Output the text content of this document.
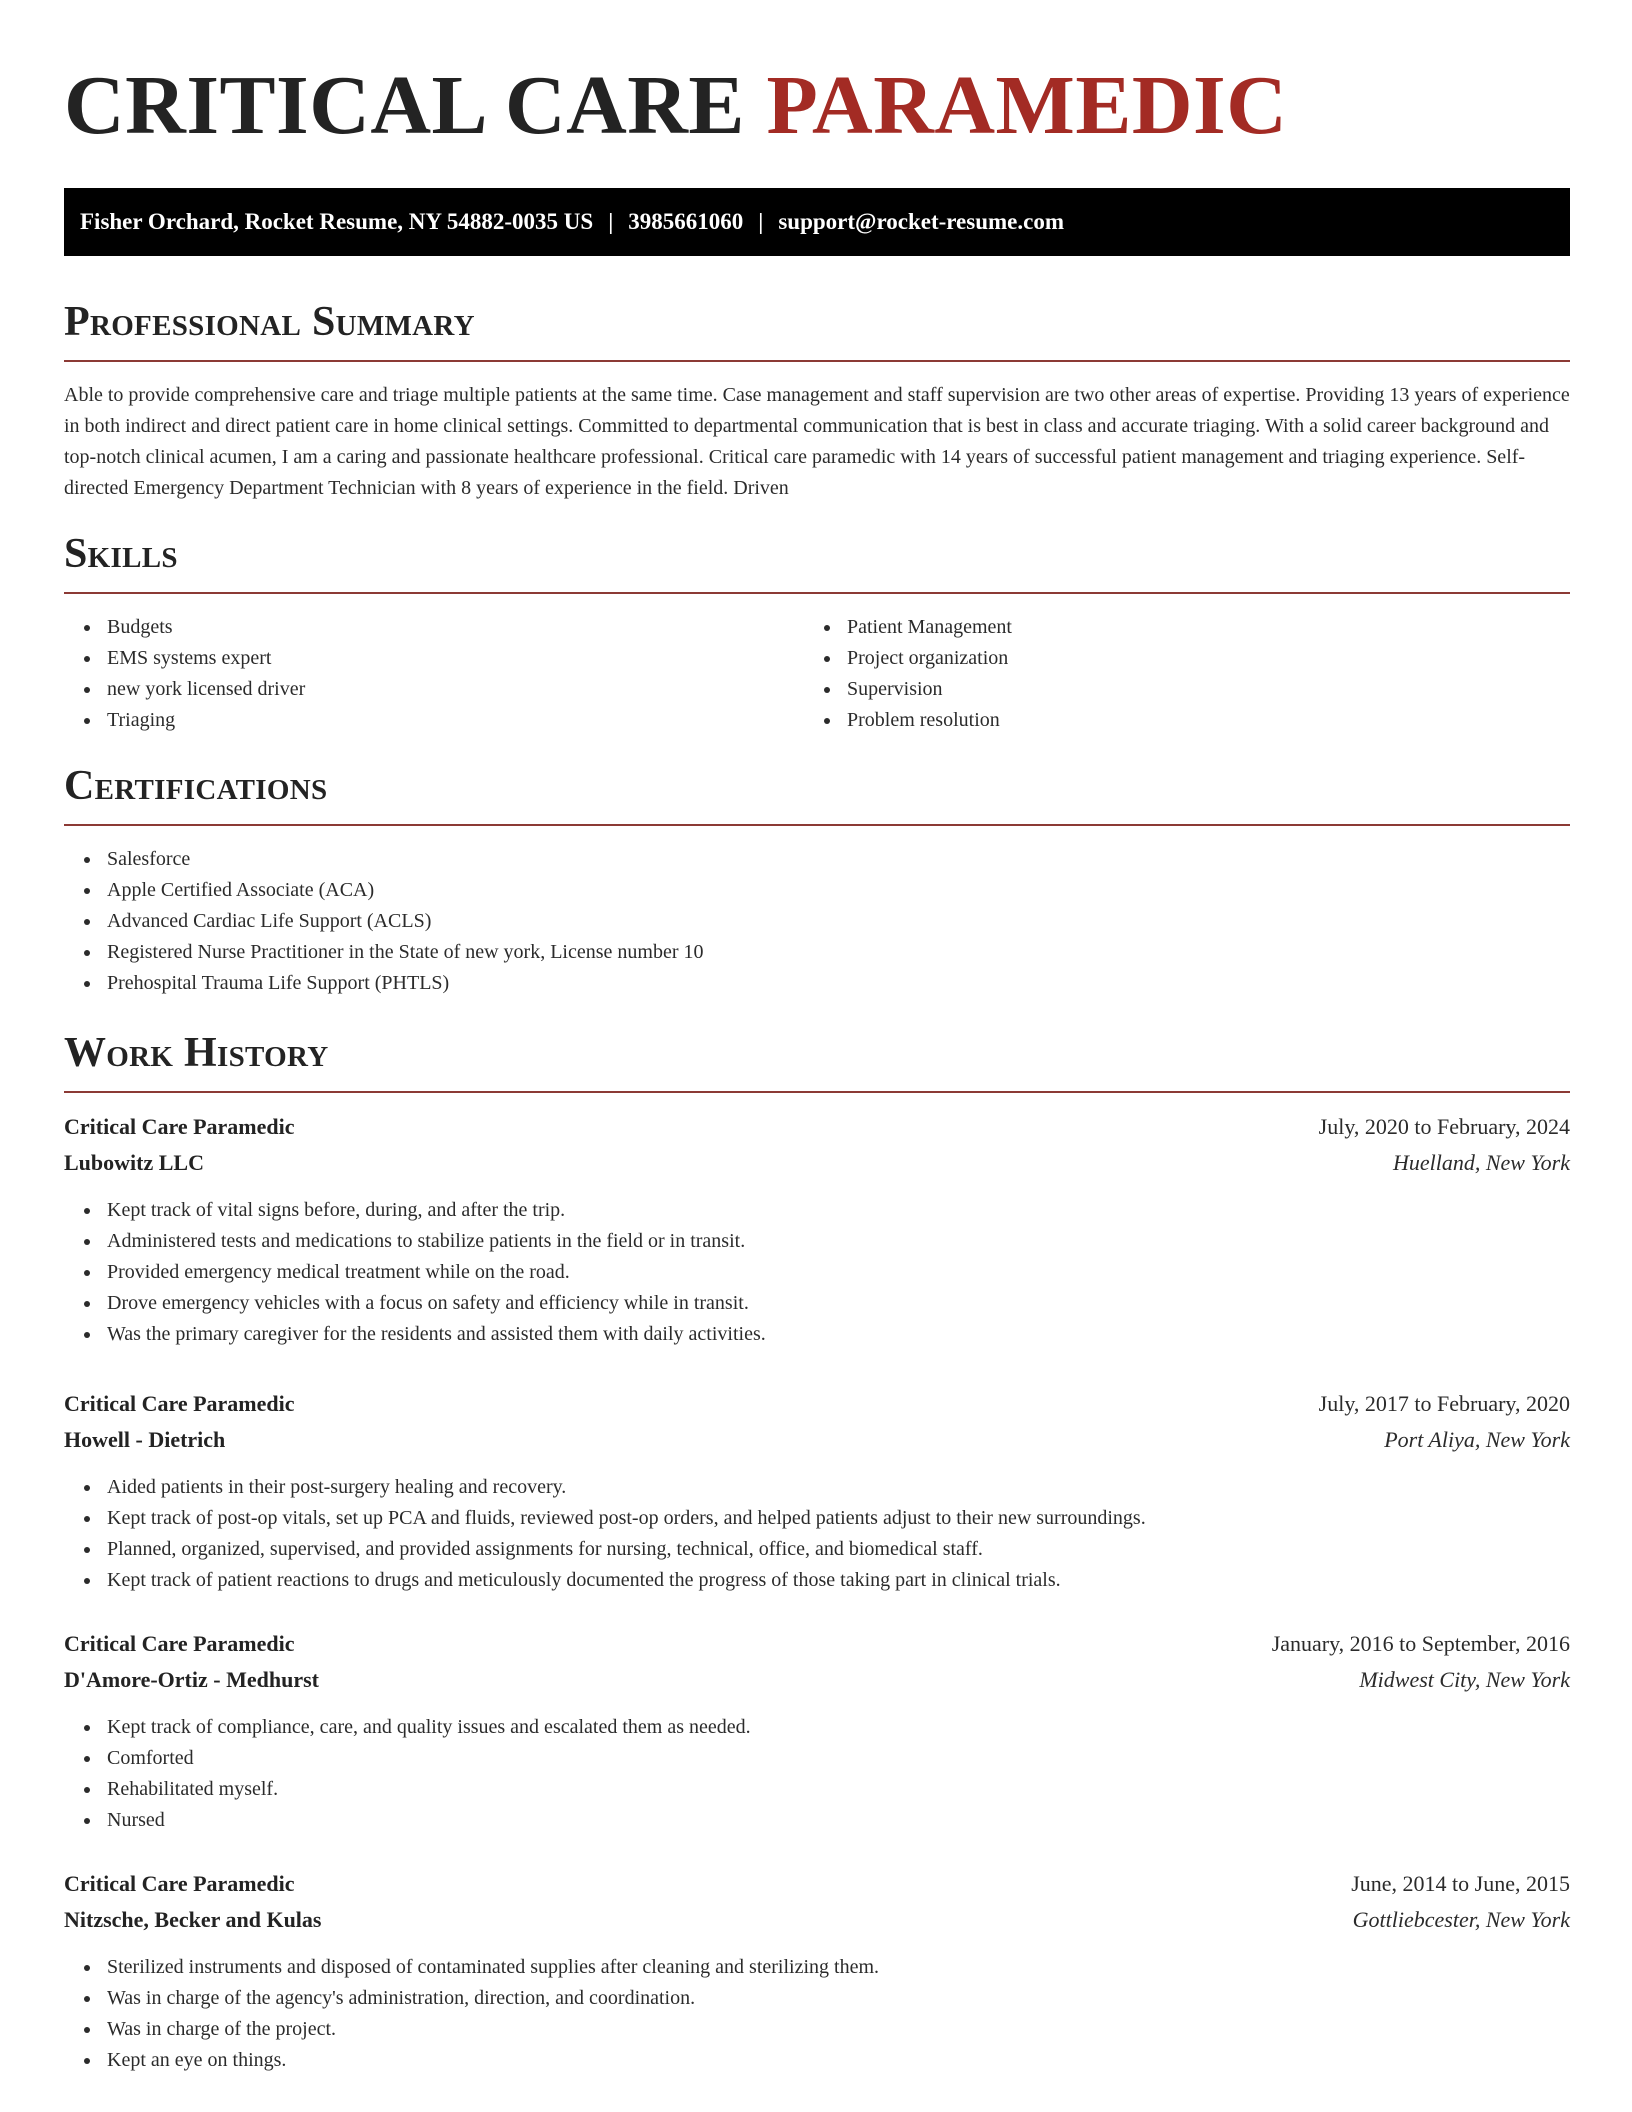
CRITICAL CARE PARAMEDIC
Fisher Orchard, Rocket Resume, NY 54882-0035 US | 3985661060 | support@rocket-resume.com
Professional Summary

Able to provide comprehensive care and triage multiple patients at the same time. Case management and staff supervision are two other areas of expertise. Providing 13 years of experience in both indirect and direct patient care in home clinical settings. Committed to departmental communication that is best in class and accurate triaging. With a solid career background and top-notch clinical acumen, I am a caring and passionate healthcare professional. Critical care paramedic with 14 years of successful patient management and triaging experience. Self-directed Emergency Department Technician with 8 years of experience in the field. Driven

Skills
Budgets
EMS systems expert
new york licensed driver
Triaging
Patient Management
Project organization
Supervision
Problem resolution
Certifications
Salesforce
Apple Certified Associate (ACA)
Advanced Cardiac Life Support (ACLS)
Registered Nurse Practitioner in the State of new york, License number 10
Prehospital Trauma Life Support (PHTLS)
Work History
Critical Care Paramedic	July, 2020 to February, 2024
Lubowitz LLC	Huelland, New York
Kept track of vital signs before, during, and after the trip.
Administered tests and medications to stabilize patients in the field or in transit.
Provided emergency medical treatment while on the road.
Drove emergency vehicles with a focus on safety and efficiency while in transit.
Was the primary caregiver for the residents and assisted them with daily activities.
Critical Care Paramedic	July, 2017 to February, 2020
Howell - Dietrich	Port Aliya, New York
Aided patients in their post-surgery healing and recovery.
Kept track of post-op vitals, set up PCA and fluids, reviewed post-op orders, and helped patients adjust to their new surroundings.
Planned, organized, supervised, and provided assignments for nursing, technical, office, and biomedical staff.
Kept track of patient reactions to drugs and meticulously documented the progress of those taking part in clinical trials.
Critical Care Paramedic	January, 2016 to September, 2016
D'Amore-Ortiz - Medhurst	Midwest City, New York
Kept track of compliance, care, and quality issues and escalated them as needed.
Comforted
Rehabilitated myself.
Nursed
Critical Care Paramedic	June, 2014 to June, 2015
Nitzsche, Becker and Kulas	Gottliebcester, New York
Sterilized instruments and disposed of contaminated supplies after cleaning and sterilizing them.
Was in charge of the agency's administration, direction, and coordination.
Was in charge of the project.
Kept an eye on things.
